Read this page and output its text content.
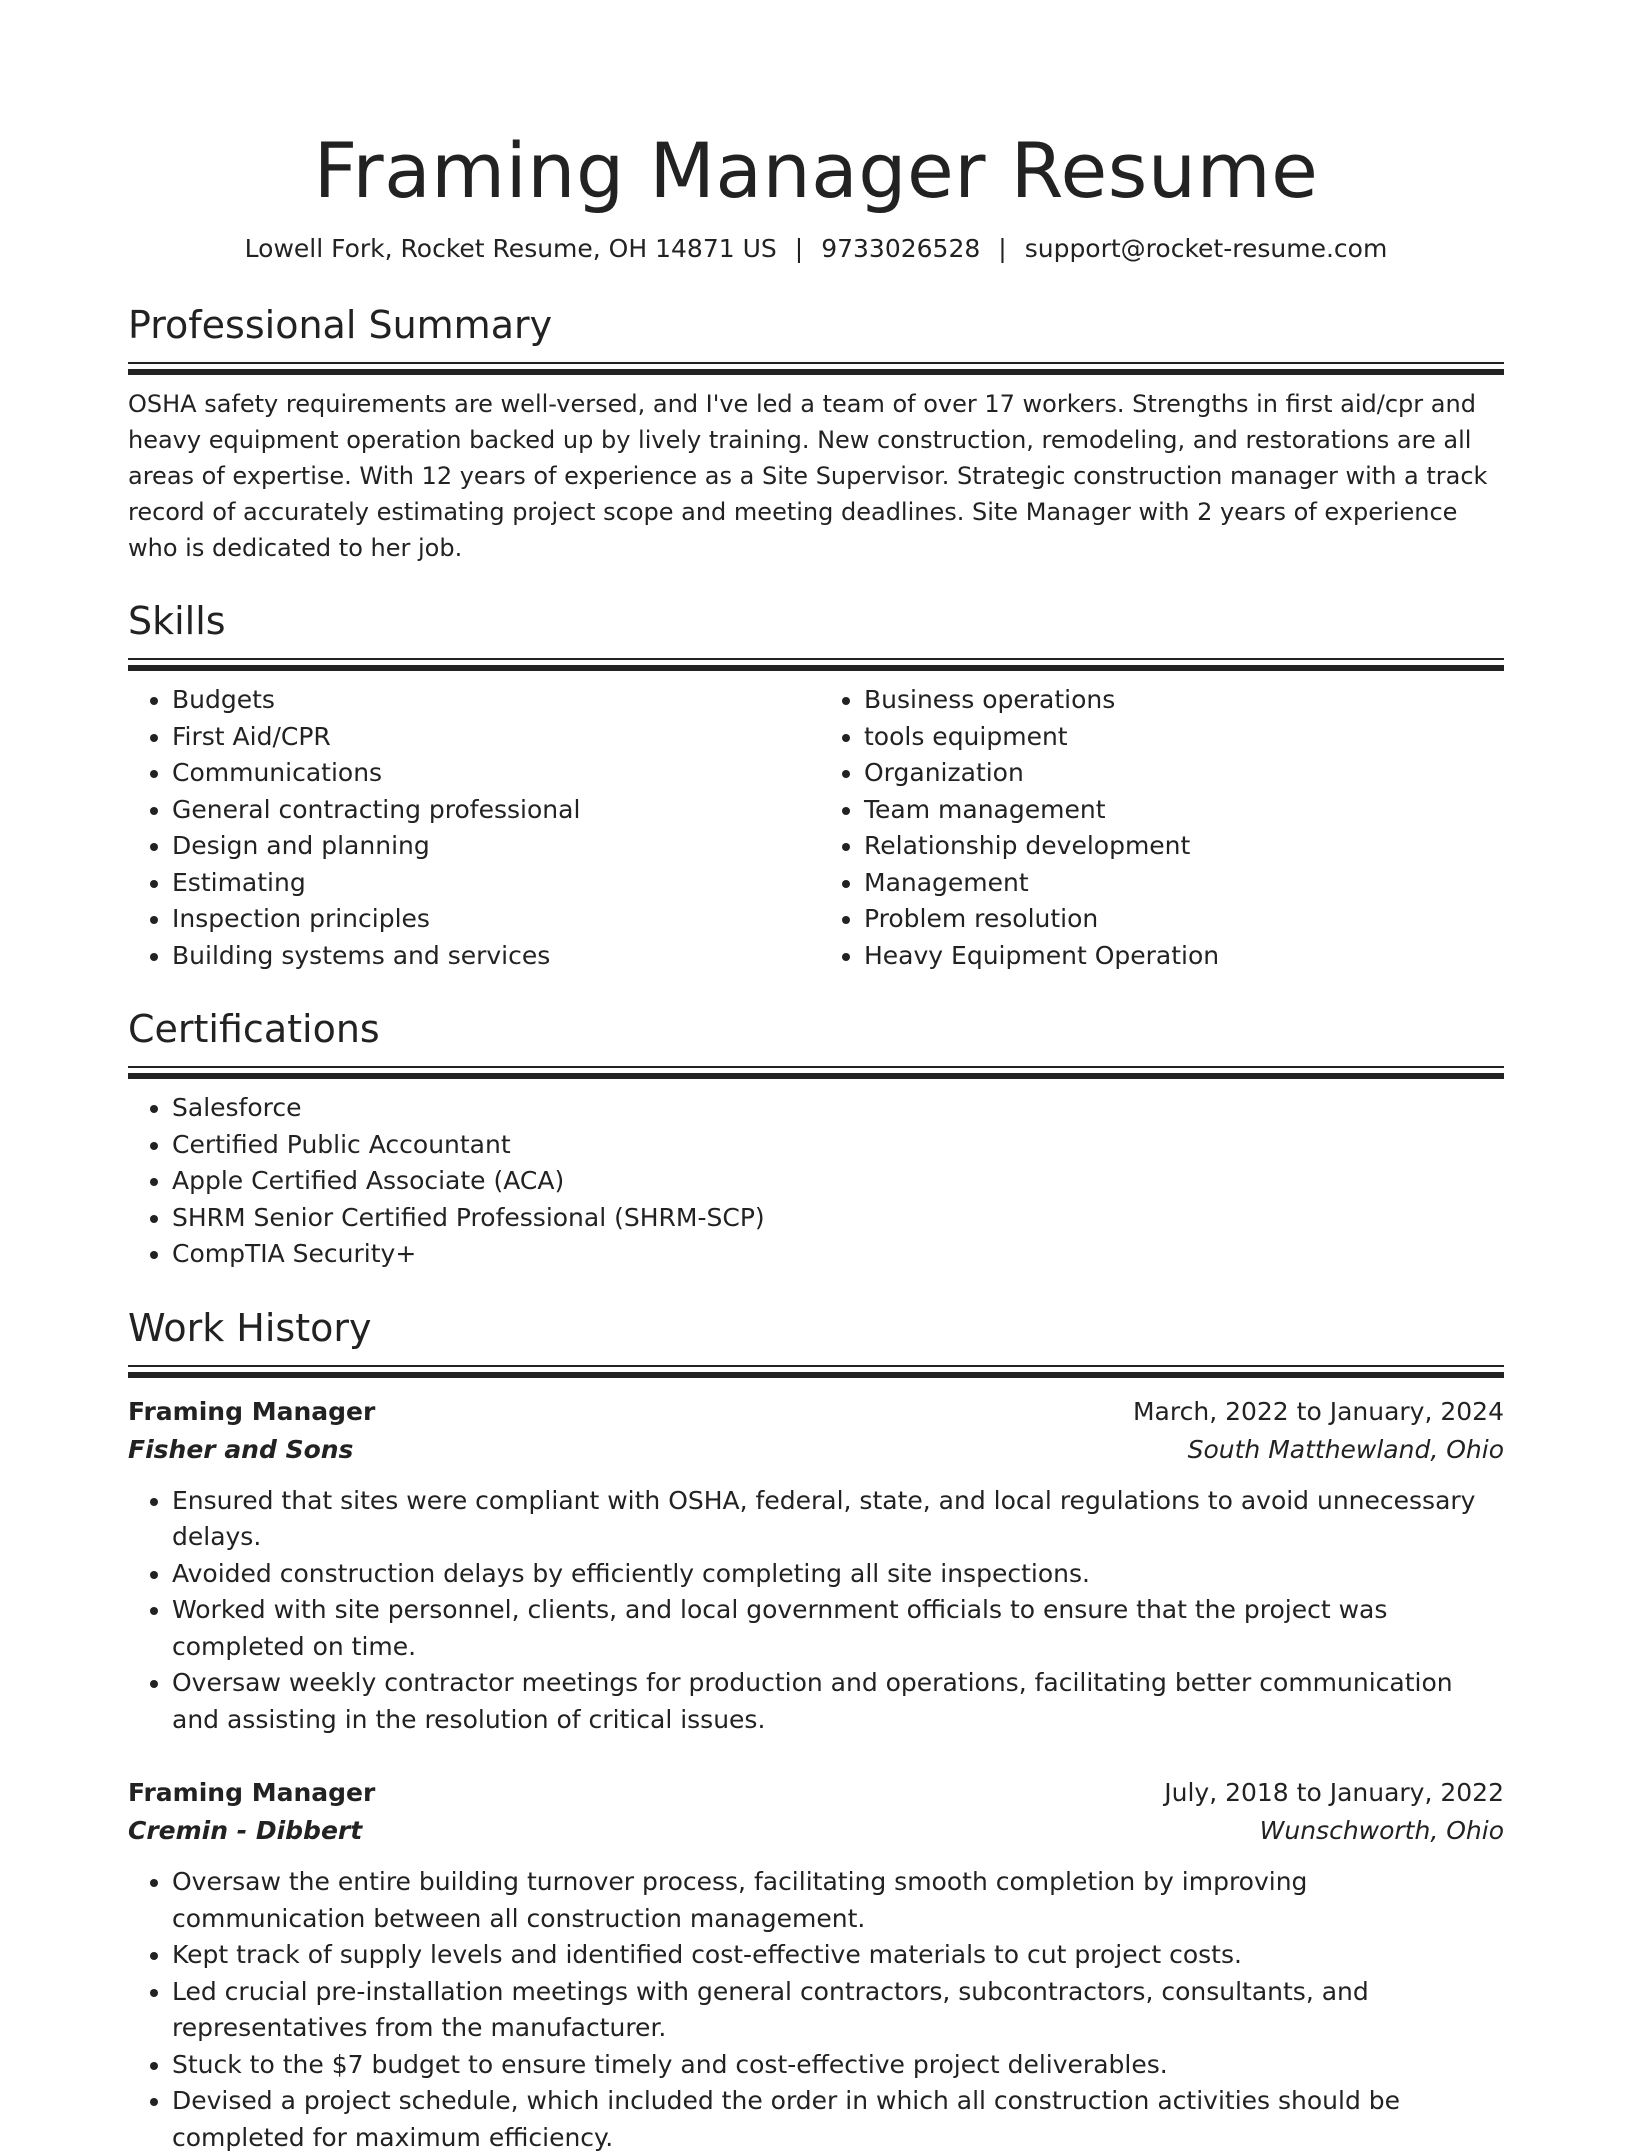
Framing Manager Resume
Lowell Fork, Rocket Resume, OH 14871 US | 9733026528 | support@rocket-resume.com
Professional Summary

OSHA safety requirements are well-versed, and I've led a team of over 17 workers. Strengths in first aid/cpr and heavy equipment operation backed up by lively training. New construction, remodeling, and restorations are all areas of expertise. With 12 years of experience as a Site Supervisor. Strategic construction manager with a track record of accurately estimating project scope and meeting deadlines. Site Manager with 2 years of experience who is dedicated to her job.

Skills
• Budgets
• First Aid/CPR
• Communications
• General contracting professional
• Design and planning
• Estimating
• Inspection principles
• Building systems and services
• Business operations
• tools equipment
• Organization
• Team management
• Relationship development
• Management
• Problem resolution
• Heavy Equipment Operation
Certifications
• Salesforce
• Certified Public Accountant
• Apple Certified Associate (ACA)
• SHRM Senior Certified Professional (SHRM-SCP)
• CompTIA Security+
Work History
Framing Manager	March, 2022 to January, 2024
Fisher and Sons	South Matthewland, Ohio
• Ensured that sites were compliant with OSHA, federal, state, and local regulations to avoid unnecessary delays.
• Avoided construction delays by efficiently completing all site inspections.
• Worked with site personnel, clients, and local government officials to ensure that the project was completed on time.
• Oversaw weekly contractor meetings for production and operations, facilitating better communication and assisting in the resolution of critical issues.
Framing Manager	July, 2018 to January, 2022
Cremin - Dibbert	Wunschworth, Ohio
• Oversaw the entire building turnover process, facilitating smooth completion by improving communication between all construction management.
• Kept track of supply levels and identified cost-effective materials to cut project costs.
• Led crucial pre-installation meetings with general contractors, subcontractors, consultants, and representatives from the manufacturer.
• Stuck to the $7 budget to ensure timely and cost-effective project deliverables.
• Devised a project schedule, which included the order in which all construction activities should be completed for maximum efficiency.
